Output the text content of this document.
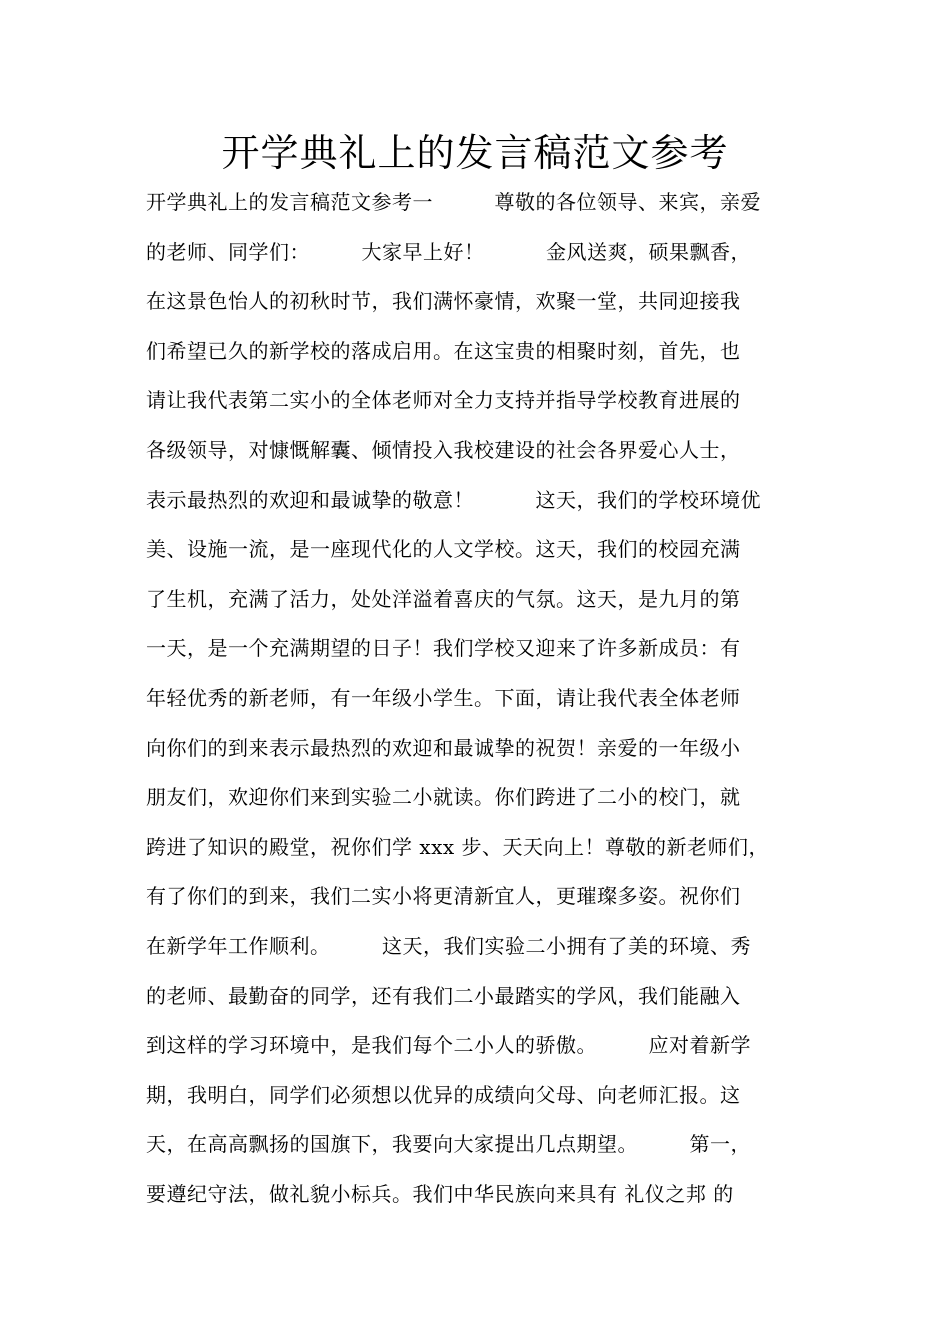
开学典礼上的发言稿范文参考
开学典礼上的发言稿范文参考一　　　尊敬的各位领导、来宾，亲爱
的老师、同学们：　　　大家早上好！　　　金风送爽，硕果飘香，
在这景色怡人的初秋时节，我们满怀豪情，欢聚一堂，共同迎接我
们希望已久的新学校的落成启用。在这宝贵的相聚时刻，首先，也
请让我代表第二实小的全体老师对全力支持并指导学校教育进展的
各级领导，对慷慨解囊、倾情投入我校建设的社会各界爱心人士，
表示最热烈的欢迎和最诚挚的敬意！　　　这天，我们的学校环境优
美、设施一流，是一座现代化的人文学校。这天，我们的校园充满
了生机，充满了活力，处处洋溢着喜庆的气氛。这天，是九月的第
一天，是一个充满期望的日子！我们学校又迎来了许多新成员：有
年轻优秀的新老师，有一年级小学生。下面，请让我代表全体老师
向你们的到来表示最热烈的欢迎和最诚挚的祝贺！亲爱的一年级小
朋友们，欢迎你们来到实验二小就读。你们跨进了二小的校门，就
跨进了知识的殿堂，祝你们学 xxx 步、天天向上！尊敬的新老师们，
有了你们的到来，我们二实小将更清新宜人，更璀璨多姿。祝你们
在新学年工作顺利。　　　这天，我们实验二小拥有了美的环境、秀
的老师、最勤奋的同学，还有我们二小最踏实的学风，我们能融入
到这样的学习环境中，是我们每个二小人的骄傲。　　　应对着新学
期，我明白，同学们必须想以优异的成绩向父母、向老师汇报。这
天，在高高飘扬的国旗下，我要向大家提出几点期望。　　　第一，
要遵纪守法，做礼貌小标兵。我们中华民族向来具有 礼仪之邦 的
